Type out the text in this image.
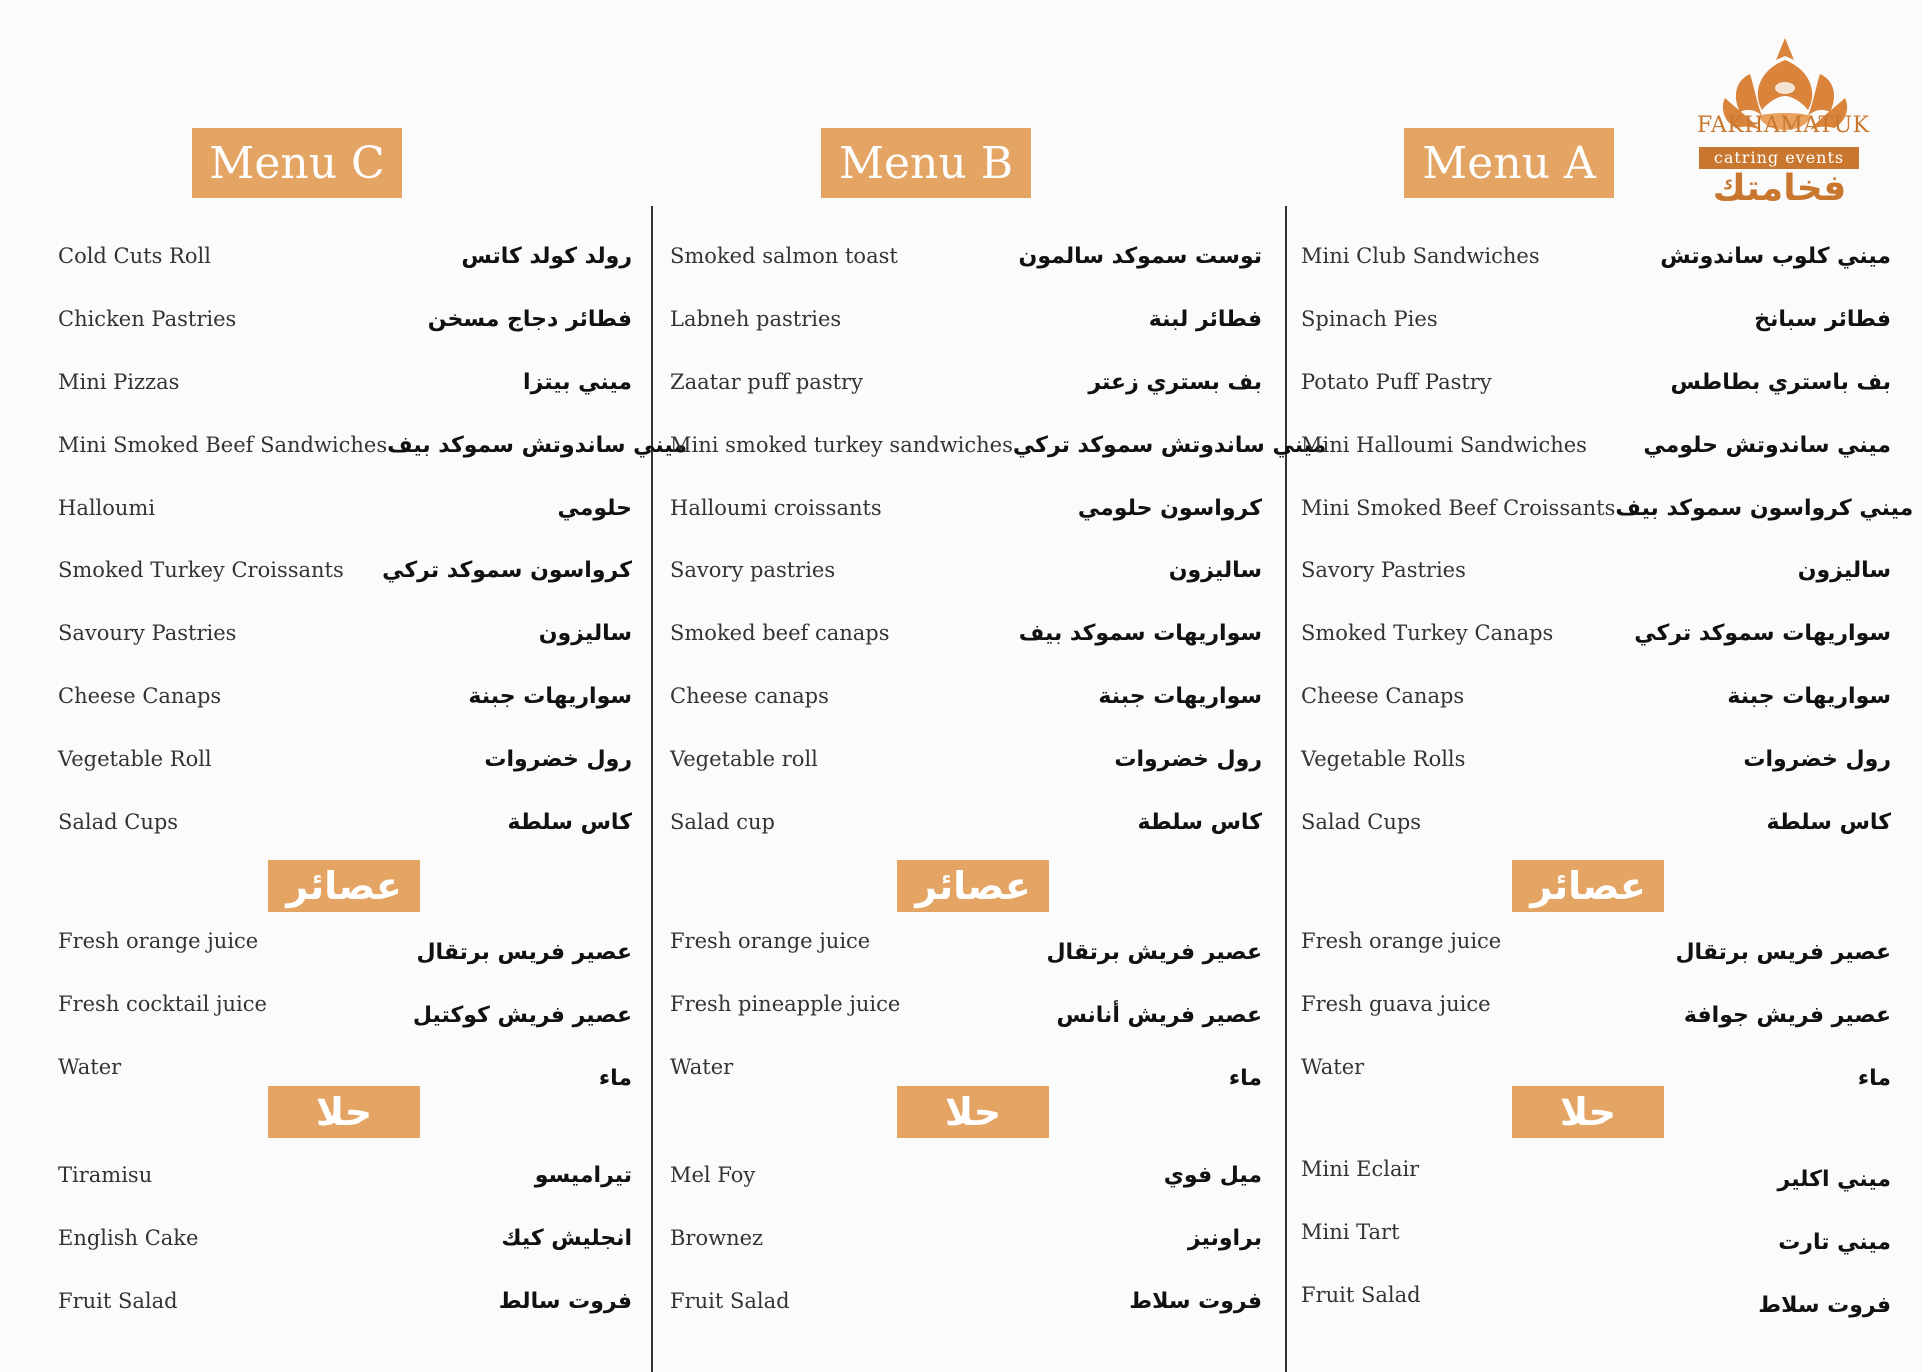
FAKHAMATUK
catring events
فخامتك
Menu C
عصائر
حلا
Cold Cuts Roll	رولد كولد كاتس
Chicken Pastries	فطائر دجاج مسخن
Mini Pizzas	ميني بيتزا
Mini Smoked Beef Sandwiches ميني ساندوتش سموكد بيف
Halloumi	حلومي
Smoked Turkey Croissants كرواسون سموكد تركي
Savoury Pastries	ساليزون
Cheese Canaps	سواريهات جبنة
Vegetable Roll	رول خضروات
Salad Cups	كاس سلطة
Fresh orange juice	عصير فريس برتقال
Fresh cocktail juice	عصير فريش كوكتيل
Water	ماء
Tiramisu	تيراميسو
English Cake	انجليش كيك
Fruit Salad	فروت سالط
Menu B
عصائر
حلا
Smoked salmon toast	توست سموكد سالمون
Labneh pastries	فطائر لبنة
Zaatar puff pastry	بف بستري زعتر
Mini smoked turkey sandwiches ميني ساندوتش سموكد تركي
Halloumi croissants	كرواسون حلومي
Savory pastries	ساليزون
Smoked beef canaps	سواريهات سموكد بيف
Cheese canaps	سواريهات جبنة
Vegetable roll	رول خضروات
Salad cup	كاس سلطة
Fresh orange juice	عصير فريش برتقال
Fresh pineapple juice	عصير فريش أنانس
Water	ماء
Mel Foy	ميل فوي
Brownez	براونيز
Fruit Salad	فروت سلاط
Menu A
عصائر
حلا
Mini Club Sandwiches	ميني كلوب ساندوتش
Spinach Pies	فطائر سبانخ
Potato Puff Pastry	بف باستري بطاطس
Mini Halloumi Sandwiches	ميني ساندوتش حلومي
Mini Smoked Beef Croissants ميني كرواسون سموكد بيف
Savory Pastries	ساليزون
Smoked Turkey Canaps	سواريهات سموكد تركي
Cheese Canaps	سواريهات جبنة
Vegetable Rolls	رول خضروات
Salad Cups	كاس سلطة
Fresh orange juice	عصير فريس برتقال
Fresh guava juice	عصير فريش جوافة
Water	ماء
Mini Eclair	ميني اكلير
Mini Tart	ميني تارت
Fruit Salad	فروت سلاط
